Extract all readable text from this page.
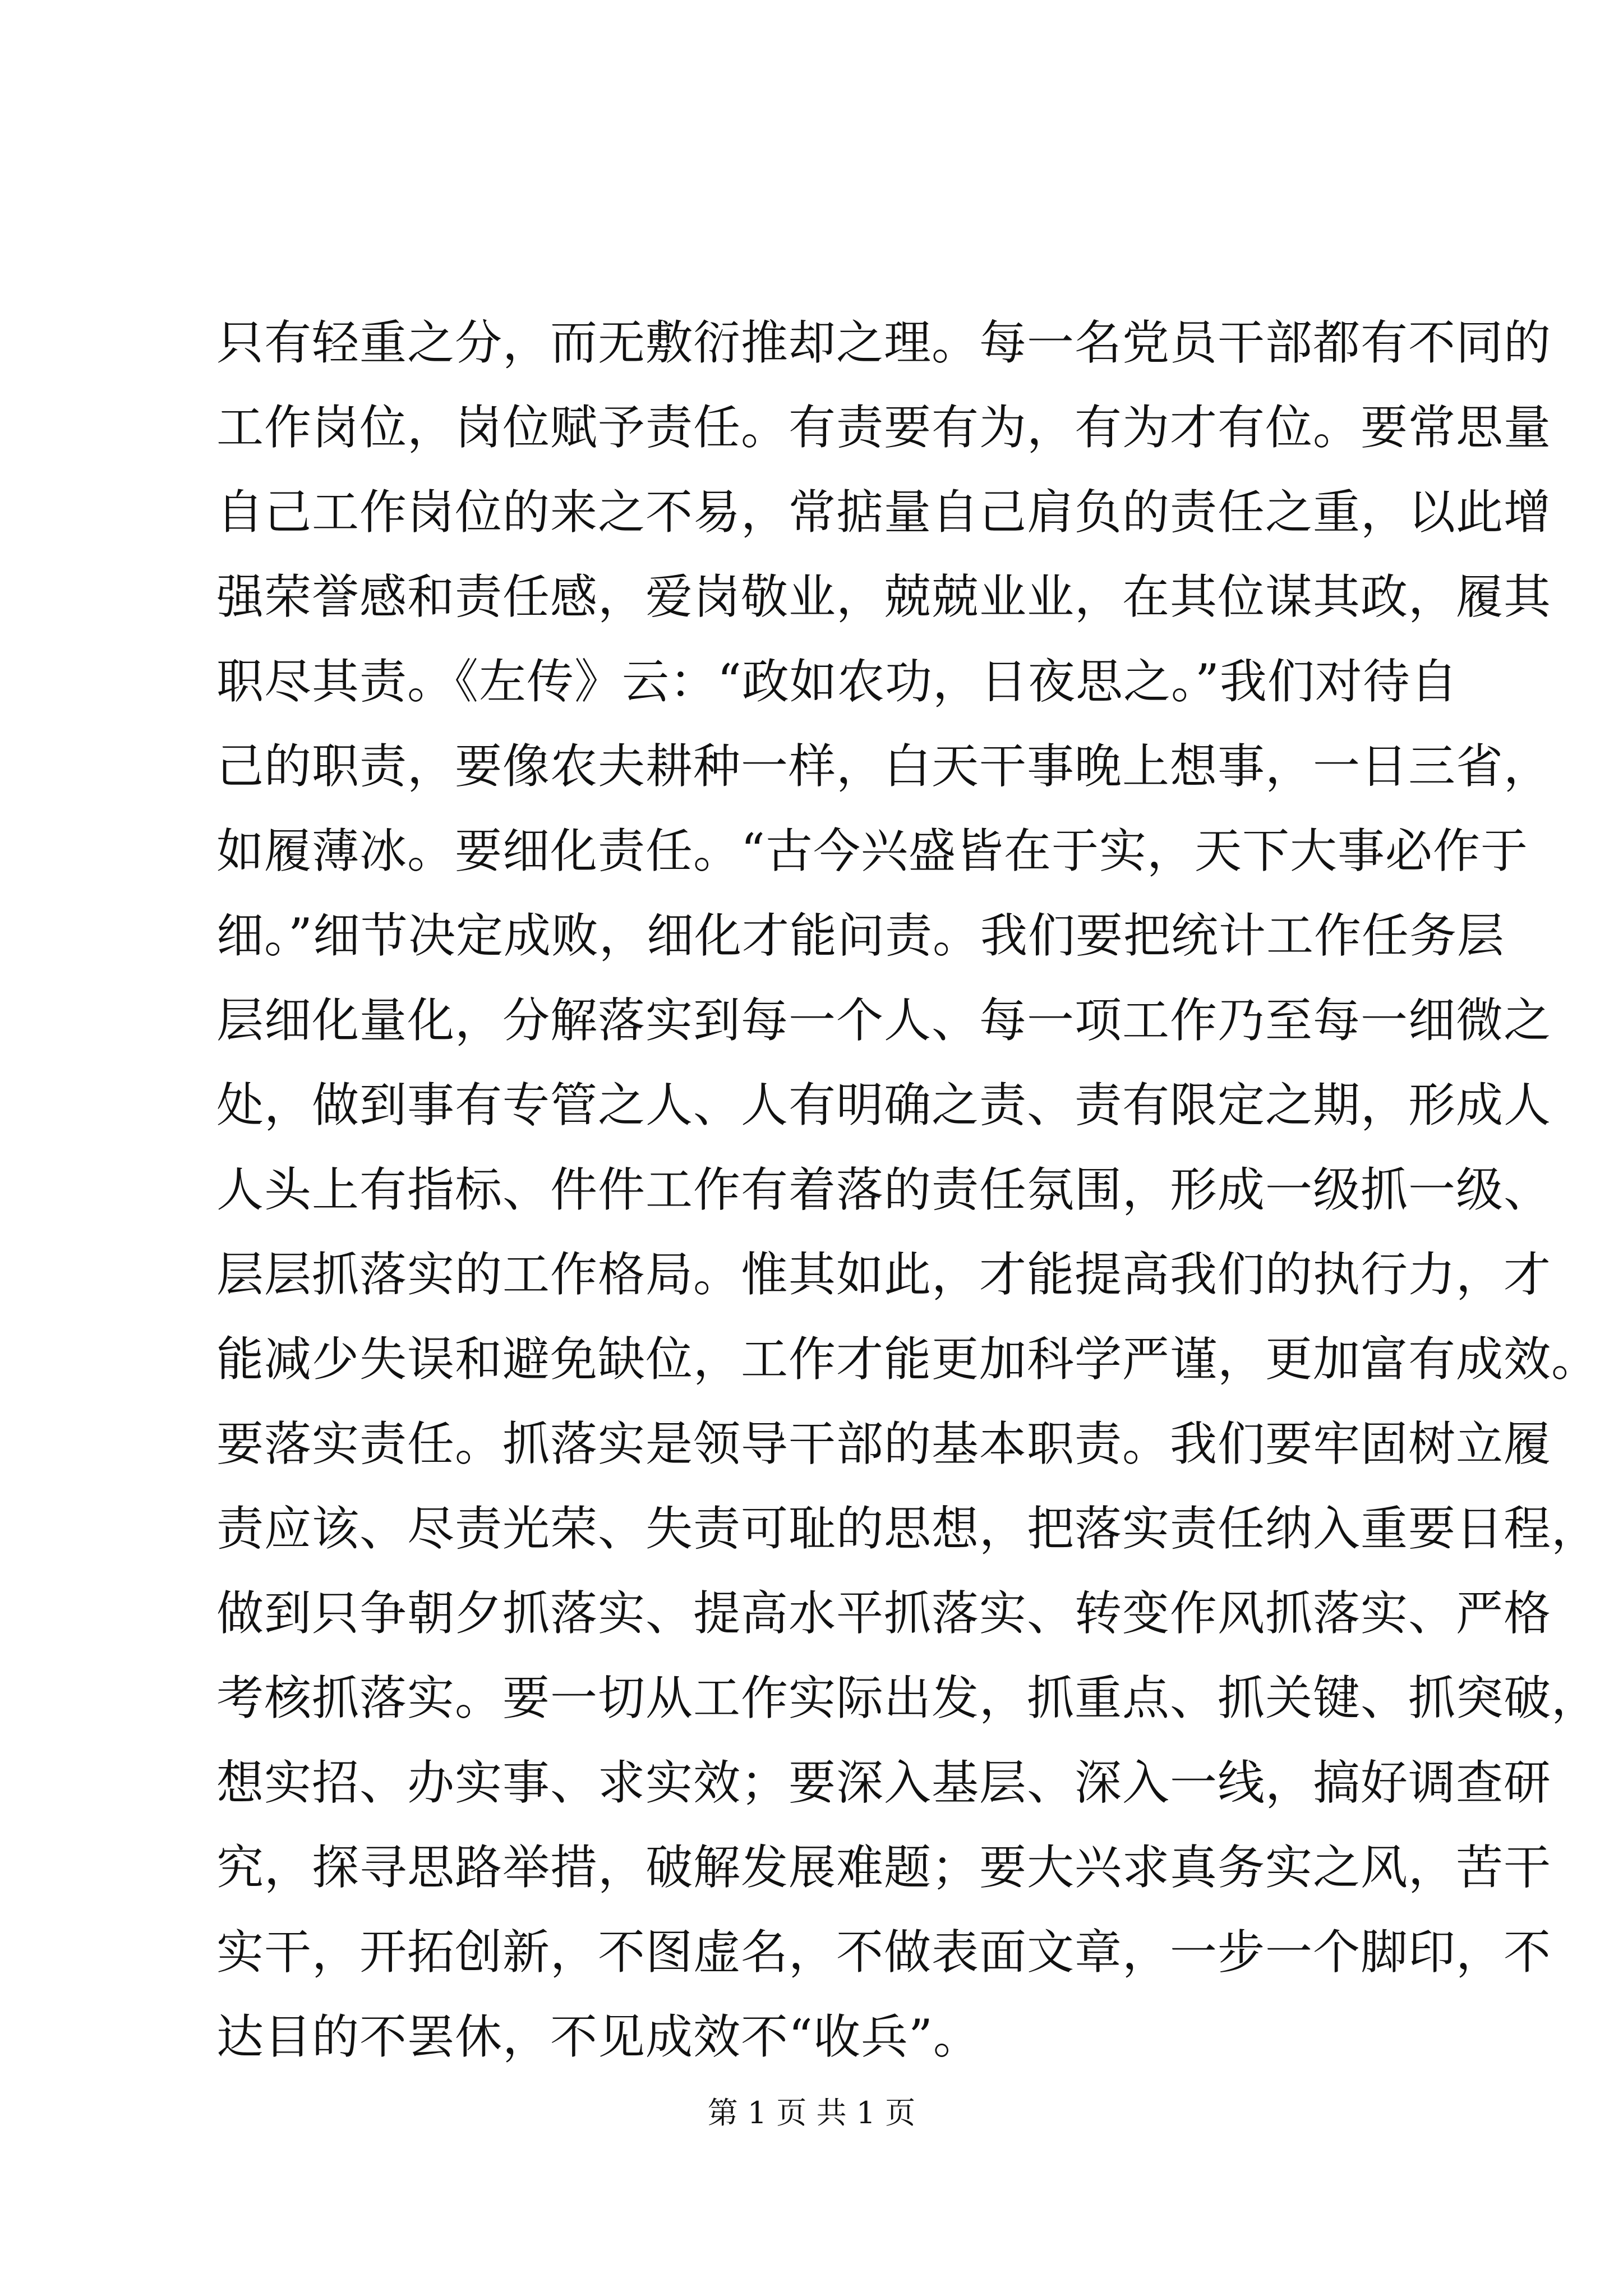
只有轻重之分，而无敷衍推却之理。每一名党员干部都有不同的
工作岗位，岗位赋予责任。有责要有为，有为才有位。要常思量
自己工作岗位的来之不易，常掂量自己肩负的责任之重，以此增
强荣誉感和责任感，爱岗敬业，兢兢业业，在其位谋其政，履其
职尽其责。《左传》云：“政如农功，日夜思之。”我们对待自
己的职责，要像农夫耕种一样，白天干事晚上想事，一日三省，
如履薄冰。要细化责任。“古今兴盛皆在于实，天下大事必作于
细。”细节决定成败，细化才能问责。我们要把统计工作任务层
层细化量化，分解落实到每一个人、每一项工作乃至每一细微之
处，做到事有专管之人、人有明确之责、责有限定之期，形成人
人头上有指标、件件工作有着落的责任氛围，形成一级抓一级、
层层抓落实的工作格局。惟其如此，才能提高我们的执行力，才
能减少失误和避免缺位，工作才能更加科学严谨，更加富有成效。
要落实责任。抓落实是领导干部的基本职责。我们要牢固树立履
责应该、尽责光荣、失责可耻的思想，把落实责任纳入重要日程，
做到只争朝夕抓落实、提高水平抓落实、转变作风抓落实、严格
考核抓落实。要一切从工作实际出发，抓重点、抓关键、抓突破，
想实招、办实事、求实效；要深入基层、深入一线，搞好调查研
究，探寻思路举措，破解发展难题；要大兴求真务实之风，苦干
实干，开拓创新，不图虚名，不做表面文章，一步一个脚印，不
达目的不罢休，不见成效不“收兵”。
第 1 页 共 1 页
